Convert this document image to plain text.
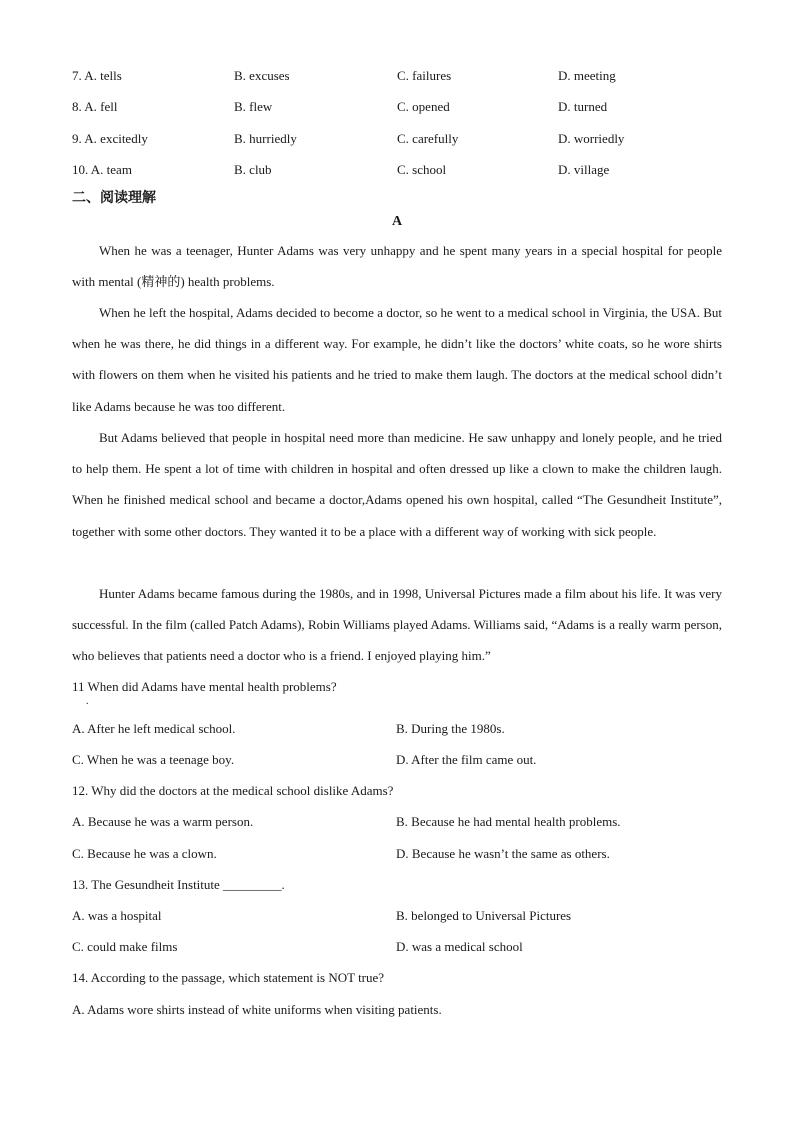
7. A. tells	B. excuses	C. failures	D. meeting
8. A. fell	B. flew	C. opened	D. turned
9. A. excitedly	B. hurriedly	C. carefully	D. worriedly
10. A. team	B. club	C. school	D. village
二、阅读理解
A

When he was a teenager, Hunter Adams was very unhappy and he spent many years in a special hospital for people with mental (精神的) health problems.

When he left the hospital, Adams decided to become a doctor, so he went to a medical school in Virginia, the USA. But when he was there, he did things in a different way. For example, he didn’t like the doctors’ white coats, so he wore shirts with flowers on them when he visited his patients and he tried to make them laugh. The doctors at the medical school didn’t like Adams because he was too different.

But Adams believed that people in hospital need more than medicine. He saw unhappy and lonely people, and he tried to help them. He spent a lot of time with children in hospital and often dressed up like a clown to make the children laugh. When he finished medical school and became a doctor,Adams opened his own hospital, called “The Gesundheit Institute”, together with some other doctors. They wanted it to be a place with a different way of working with sick people.

Hunter Adams became famous during the 1980s, and in 1998, Universal Pictures made a film about his life. It was very successful. In the film (called Patch Adams), Robin Williams played Adams. Williams said, “Adams is a really warm person, who believes that patients need a doctor who is a friend. I enjoyed playing him.”

11 When did Adams have mental health problems?
.
A. After he left medical school.	B. During the 1980s.
C. When he was a teenage boy.	D. After the film came out.
12. Why did the doctors at the medical school dislike Adams?
A. Because he was a warm person.	B. Because he had mental health problems.
C. Because he was a clown.	D. Because he wasn’t the same as others.
13. The Gesundheit Institute _________.
A. was a hospital	B. belonged to Universal Pictures
C. could make films	D. was a medical school
14. According to the passage, which statement is NOT true?
A. Adams wore shirts instead of white uniforms when visiting patients.
